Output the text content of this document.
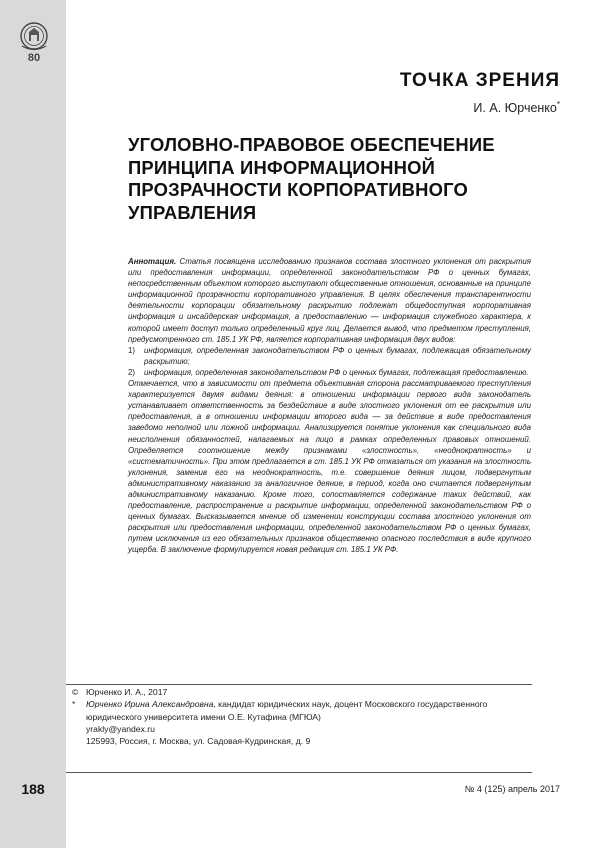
80
188
ТОЧКА ЗРЕНИЯ
И. А. Юрченко*
УГОЛОВНО-ПРАВОВОЕ ОБЕСПЕЧЕНИЕ
ПРИНЦИПА ИНФОРМАЦИОННОЙ
ПРОЗРАЧНОСТИ КОРПОРАТИВНОГО
УПРАВЛЕНИЯ

Аннотация. Статья посвящена исследованию признаков состава злостного уклонения от раскрытия или предоставления информации, определенной законодательством РФ о ценных бумагах, непосредственным объектом которого выступают общественные отношения, основанные на принципе информационной прозрачности корпоративного управления. В целях обеспечения транспарентности деятельности корпорации обязательному раскрытию подлежат общедоступная корпоративная информация и инсайдерская информация, а предоставлению — информация служебного характера, к которой имеет доступ только определенный круг лиц. Делается вывод, что предметом преступления, предусмотренного ст. 185.1 УК РФ, является корпоративная информация двух видов:

1) информация, определенная законодательством РФ о ценных бумагах, подлежащая обязательному раскрытию;
2) информация, определенная законодательством РФ о ценных бумагах, подлежащая предоставлению.

Отмечается, что в зависимости от предмета объективная сторона рассматриваемого преступления характеризуется двумя видами деяния: в отношении информации первого вида законодатель устанавливает ответственность за бездействие в виде злостного уклонения от ее раскрытия или предоставления, а в отношении информации второго вида — за действие в виде предоставления заведомо неполной или ложной информации. Анализируется понятие уклонения как специального вида неисполнения обязанностей, налагаемых на лицо в рамках определенных правовых отношений. Определяется соотношение между признаками «злостность», «неоднократность» и «систематичность». При этом предлагается в ст. 185.1 УК РФ отказаться от указания на злостность уклонения, заменив его на неоднократность, т.е. совершение деяния лицом, подвергнутым административному наказанию за аналогичное деяние, в период, когда оно считается подвергнутым административному наказанию. Кроме того, сопоставляется содержание таких действий, как предоставление, распространение и раскрытие информации, определенной законодательством РФ о ценных бумагах. Высказывается мнение об изменении конструкции состава злостного уклонения от раскрытия или предоставления информации, определенной законодательством РФ о ценных бумагах, путем исключения из его обязательных признаков общественно опасного последствия в виде крупного ущерба. В заключение формулируется новая редакция ст. 185.1 УК РФ.

© Юрченко И. А., 2017
* Юрченко Ирина Александровна, кандидат юридических наук, доцент Московского государственного юридического университета имени О.Е. Кутафина (МГЮА)
yrakly@yandex.ru
125993, Россия, г. Москва, ул. Садовая-Кудринская, д. 9
№ 4 (125) апрель 2017
